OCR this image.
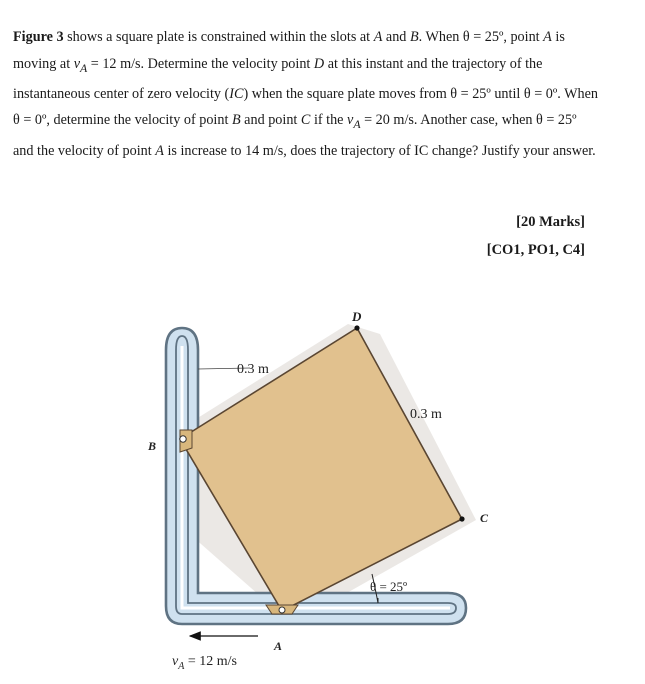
Figure 3 shows a square plate is constrained within the slots at A and B. When θ = 25º, point A is moving at $v_A = 12$ m/s. Determine the velocity point D at this instant and the trajectory of the instantaneous center of zero velocity (IC) when the square plate moves from θ = 25º until θ = 0º. When θ = 0º, determine the velocity of point B and point C if the $v_A = 20$ m/s. Another case, when θ = 25º and the velocity of point A is increase to 14 m/s, does the trajectory of IC change? Justify your answer.

[20 Marks]
[CO1, PO1, C4]
0.3 m
0.3 m
θ = 25º
D
B
C
A
$v_A = 12$ m/s
